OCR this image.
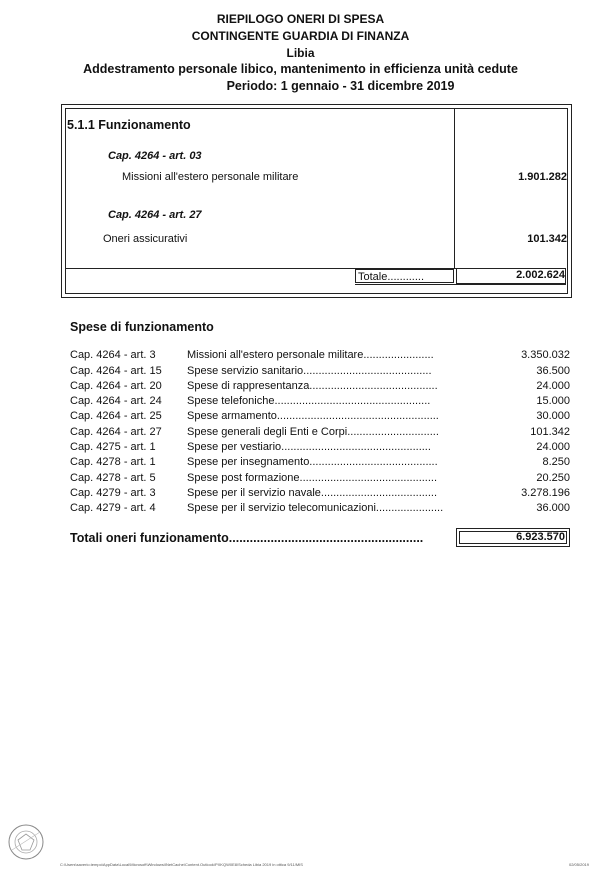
RIEPILOGO ONERI DI SPESA
CONTINGENTE GUARDIA DI FINANZA
Libia
Addestramento personale libico, mantenimento in efficienza unità cedute
Periodo: 1 gennaio - 31 dicembre 2019
5.1.1 Funzionamento
Cap. 4264 - art. 03
Missioni all'estero personale militare	1.901.282
Cap. 4264 - art. 27
Oneri assicurativi	101.342
Totale............	2.002.624
Spese di funzionamento
Cap. 4264 - art. 3	Missioni all'estero personale militare.......................	3.350.032
Cap. 4264 - art. 15	Spese servizio sanitario..........................................	36.500
Cap. 4264 - art. 20	Spese di rappresentanza..........................................	24.000
Cap. 4264 - art. 24	Spese telefoniche...................................................	15.000
Cap. 4264 - art. 25	Spese armamento.....................................................	30.000
Cap. 4264 - art. 27	Spese generali degli Enti e Corpi..............................	101.342
Cap. 4275 - art. 1	Spese per vestiario.................................................	24.000
Cap. 4278 - art. 1	Spese per insegnamento..........................................	8.250
Cap. 4278 - art. 5	Spese post formazione.............................................	20.250
Cap. 4279 - art. 3	Spese per il servizio navale......................................	3.278.196
Cap. 4279 - art. 4	Spese per il servizio telecomunicazioni......................	36.000
Totali oneri funzionamento........................................................	6.923.570
C:\Users\saverio.tempo\AppData\Local\Microsoft\Windows\INetCache\Content.Outlook\PXKQW0E8\Scheda Libia 2019 in ottica 9/11/MIS	02/05/2019
